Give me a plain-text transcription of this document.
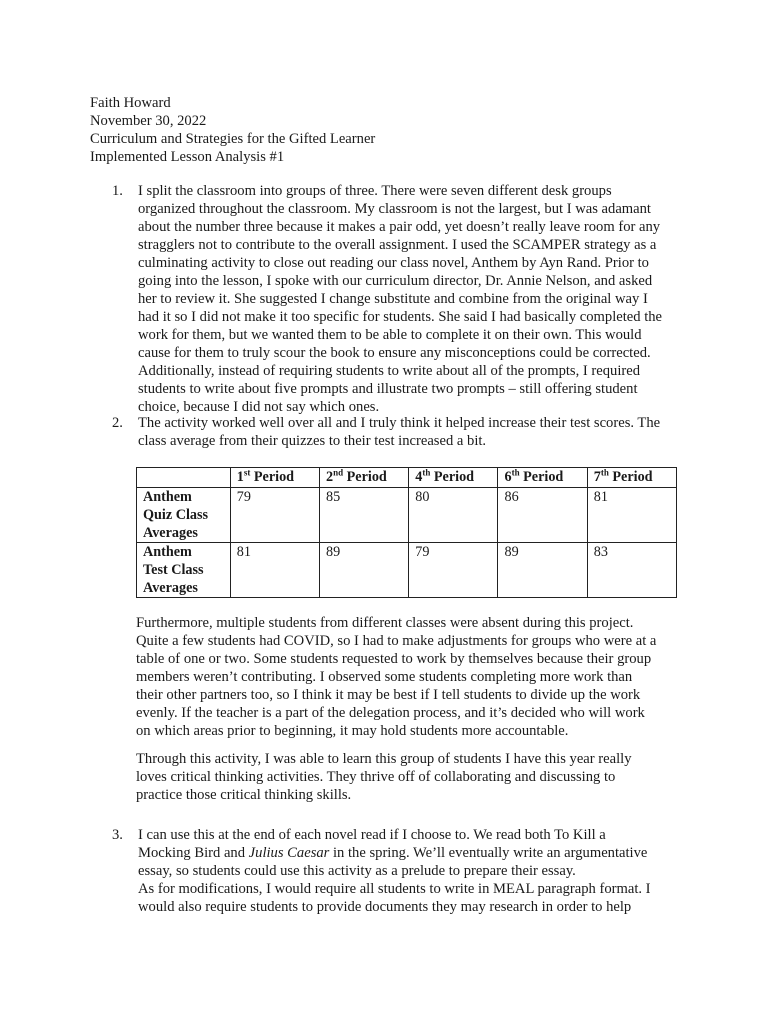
Faith Howard
November 30, 2022
Curriculum and Strategies for the Gifted Learner
Implemented Lesson Analysis #1
1.	I split the classroom into groups of three. There were seven different desk groups
organized throughout the classroom. My classroom is not the largest, but I was adamant
about the number three because it makes a pair odd, yet doesn’t really leave room for any
stragglers not to contribute to the overall assignment. I used the SCAMPER strategy as a
culminating activity to close out reading our class novel, Anthem by Ayn Rand. Prior to
going into the lesson, I spoke with our curriculum director, Dr. Annie Nelson, and asked
her to review it. She suggested I change substitute and combine from the original way I
had it so I did not make it too specific for students. She said I had basically completed the
work for them, but we wanted them to be able to complete it on their own. This would
cause for them to truly scour the book to ensure any misconceptions could be corrected.
Additionally, instead of requiring students to write about all of the prompts, I required
students to write about five prompts and illustrate two prompts – still offering student
choice, because I did not say which ones.
2.	The activity worked well over all and I truly think it helped increase their test scores. The
class average from their quizzes to their test increased a bit.
	1st Period	2nd Period	4th Period	6th Period	7th Period

Anthem
Quiz Class
Averages	79	85	80	86	81

Anthem
Test Class
Averages	81	89	79	89	83
Furthermore, multiple students from different classes were absent during this project.
Quite a few students had COVID, so I had to make adjustments for groups who were at a
table of one or two. Some students requested to work by themselves because their group
members weren’t contributing. I observed some students completing more work than
their other partners too, so I think it may be best if I tell students to divide up the work
evenly. If the teacher is a part of the delegation process, and it’s decided who will work
on which areas prior to beginning, it may hold students more accountable.
Through this activity, I was able to learn this group of students I have this year really
loves critical thinking activities. They thrive off of collaborating and discussing to
practice those critical thinking skills.
3.	I can use this at the end of each novel read if I choose to. We read both To Kill a
Mocking Bird and Julius Caesar in the spring. We’ll eventually write an argumentative
essay, so students could use this activity as a prelude to prepare their essay.
As for modifications, I would require all students to write in MEAL paragraph format. I
would also require students to provide documents they may research in order to help
